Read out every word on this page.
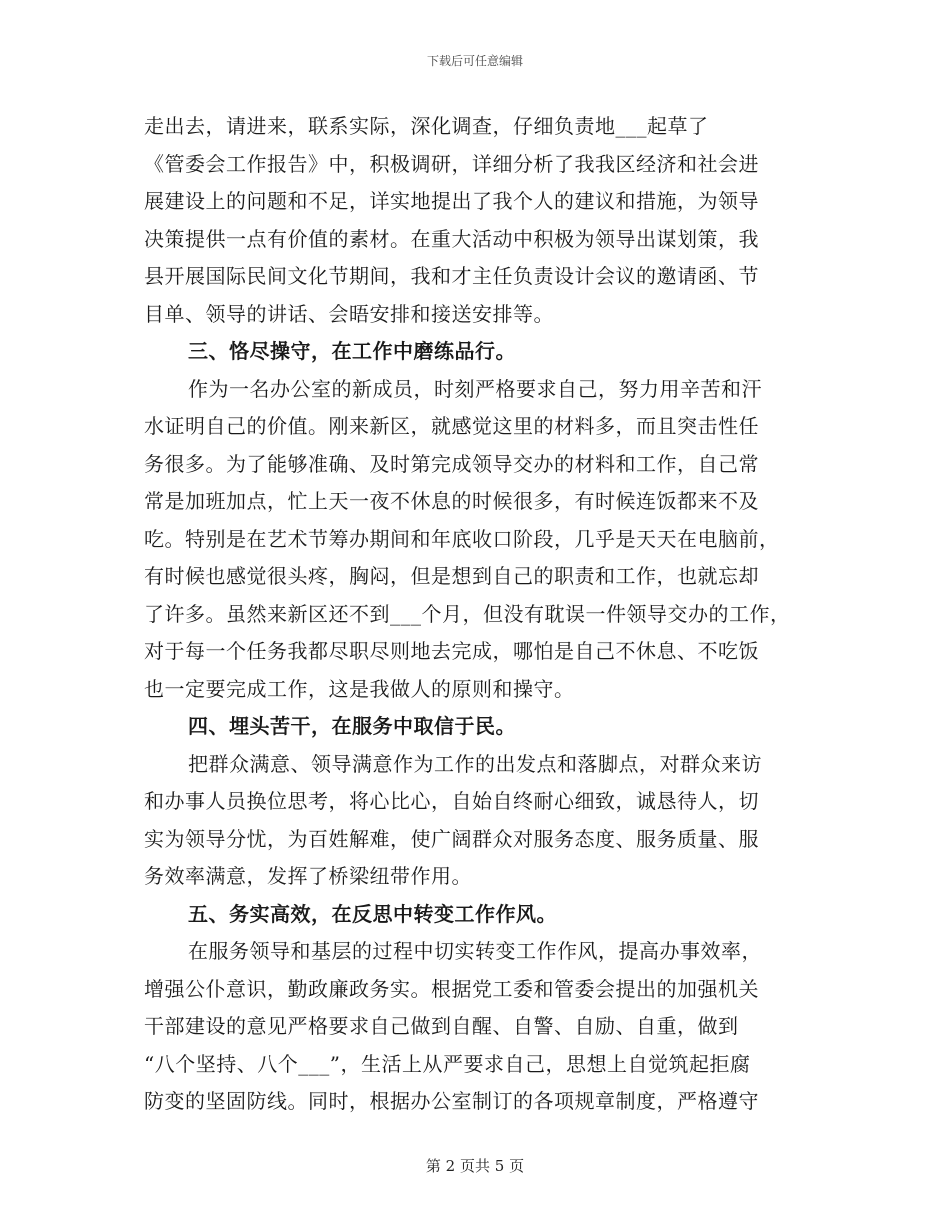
下载后可任意编辑
走出去，请进来，联系实际，深化调查，仔细负责地___起草了
《管委会工作报告》中，积极调研，详细分析了我我区经济和社会进
展建设上的问题和不足，详实地提出了我个人的建议和措施，为领导
决策提供一点有价值的素材。在重大活动中积极为领导出谋划策，我
县开展国际民间文化节期间，我和才主任负责设计会议的邀请函、节
目单、领导的讲话、会晤安排和接送安排等。
三、恪尽操守，在工作中磨练品行。
作为一名办公室的新成员，时刻严格要求自己，努力用辛苦和汗
水证明自己的价值。刚来新区，就感觉这里的材料多，而且突击性任
务很多。为了能够准确、及时第完成领导交办的材料和工作，自己常
常是加班加点，忙上天一夜不休息的时候很多，有时候连饭都来不及
吃。特别是在艺术节筹办期间和年底收口阶段，几乎是天天在电脑前，
有时候也感觉很头疼，胸闷，但是想到自己的职责和工作，也就忘却
了许多。虽然来新区还不到___个月，但没有耽误一件领导交办的工作，
对于每一个任务我都尽职尽则地去完成，哪怕是自己不休息、不吃饭
也一定要完成工作，这是我做人的原则和操守。
四、埋头苦干，在服务中取信于民。
把群众满意、领导满意作为工作的出发点和落脚点，对群众来访
和办事人员换位思考，将心比心，自始自终耐心细致，诚恳待人，切
实为领导分忧，为百姓解难，使广阔群众对服务态度、服务质量、服
务效率满意，发挥了桥梁纽带作用。
五、务实高效，在反思中转变工作作风。
在服务领导和基层的过程中切实转变工作作风，提高办事效率，
增强公仆意识，勤政廉政务实。根据党工委和管委会提出的加强机关
干部建设的意见严格要求自己做到自醒、自警、自励、自重，做到
“八个坚持、八个___”，生活上从严要求自己，思想上自觉筑起拒腐
防变的坚固防线。同时，根据办公室制订的各项规章制度，严格遵守
第 2 页共 5 页
